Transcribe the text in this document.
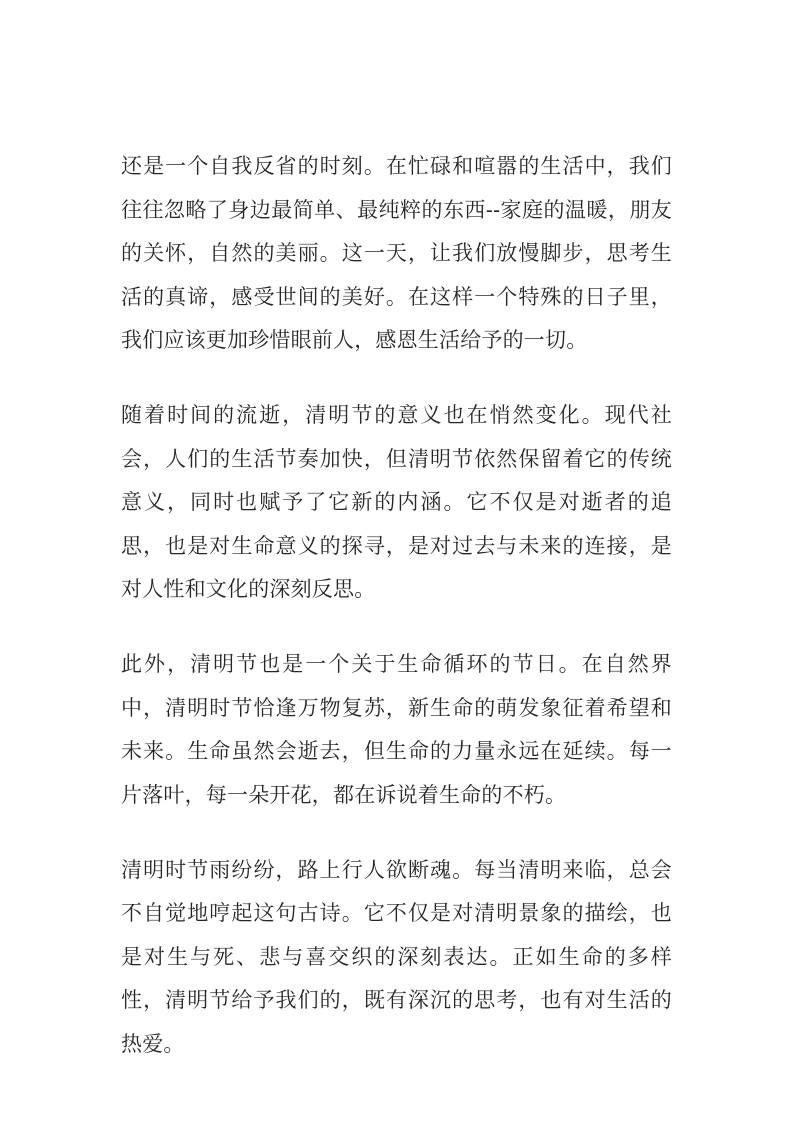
还是一个自我反省的时刻。在忙碌和喧嚣的生活中，我们往往忽略了身边最简单、最纯粹的东西--家庭的温暖，朋友的关怀，自然的美丽。这一天，让我们放慢脚步，思考生活的真谛，感受世间的美好。在这样一个特殊的日子里，我们应该更加珍惜眼前人，感恩生活给予的一切。

随着时间的流逝，清明节的意义也在悄然变化。现代社会，人们的生活节奏加快，但清明节依然保留着它的传统意义，同时也赋予了它新的内涵。它不仅是对逝者的追思，也是对生命意义的探寻，是对过去与未来的连接，是对人性和文化的深刻反思。

此外，清明节也是一个关于生命循环的节日。在自然界中，清明时节恰逢万物复苏，新生命的萌发象征着希望和未来。生命虽然会逝去，但生命的力量永远在延续。每一片落叶，每一朵开花，都在诉说着生命的不朽。

清明时节雨纷纷，路上行人欲断魂。每当清明来临，总会不自觉地哼起这句古诗。它不仅是对清明景象的描绘，也是对生与死、悲与喜交织的深刻表达。正如生命的多样性，清明节给予我们的，既有深沉的思考，也有对生活的热爱。
